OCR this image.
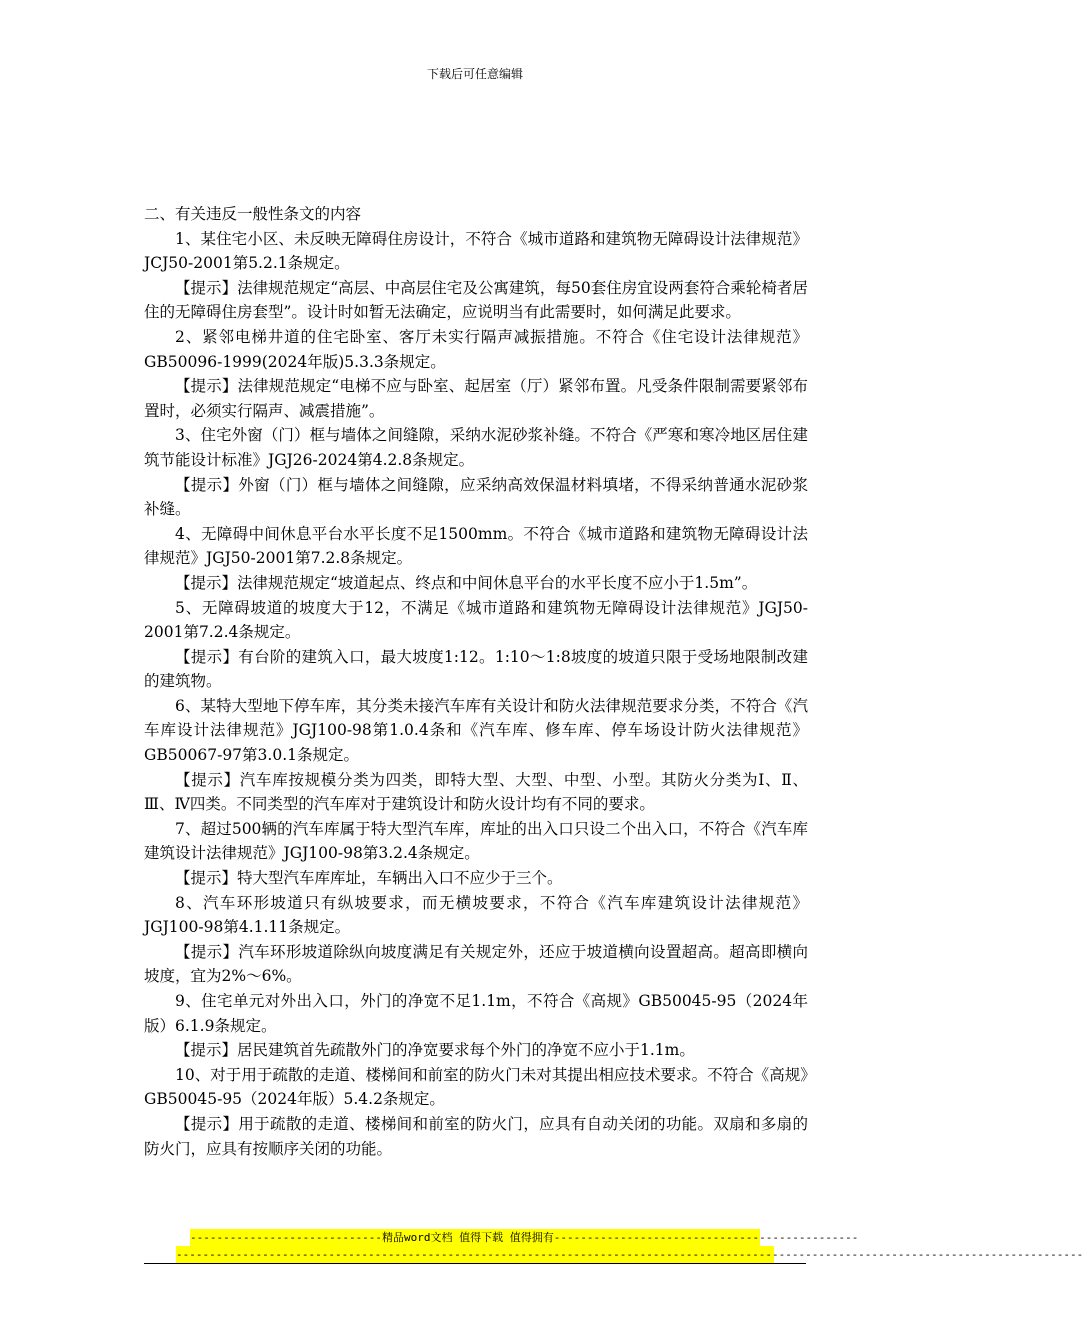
下载后可任意编辑

二、有关违反一般性条文的内容

1、某住宅小区、未反映无障碍住房设计，不符合《城市道路和建筑物无障碍设计法律规范》JCJ50-2001第5.2.1条规定。

【提示】法律规范规定“高层、中高层住宅及公寓建筑，每50套住房宜设两套符合乘轮椅者居住的无障碍住房套型”。设计时如暂无法确定，应说明当有此需要时，如何满足此要求。

2、紧邻电梯井道的住宅卧室、客厅未实行隔声减振措施。不符合《住宅设计法律规范》GB50096-1999(2024年版)5.3.3条规定。

【提示】法律规范规定“电梯不应与卧室、起居室（厅）紧邻布置。凡受条件限制需要紧邻布置时，必须实行隔声、减震措施”。

3、住宅外窗（门）框与墙体之间缝隙，采纳水泥砂浆补缝。不符合《严寒和寒冷地区居住建筑节能设计标准》JGJ26-2024第4.2.8条规定。

【提示】外窗（门）框与墙体之间缝隙，应采纳高效保温材料填堵，不得采纳普通水泥砂浆补缝。

4、无障碍中间休息平台水平长度不足1500mm。不符合《城市道路和建筑物无障碍设计法律规范》JGJ50-2001第7.2.8条规定。

【提示】法律规范规定“坡道起点、终点和中间休息平台的水平长度不应小于1.5m”。

5、无障碍坡道的坡度大于12，不满足《城市道路和建筑物无障碍设计法律规范》JGJ50-2001第7.2.4条规定。

【提示】有台阶的建筑入口，最大坡度1:12。1:10～1:8坡度的坡道只限于受场地限制改建的建筑物。

6、某特大型地下停车库，其分类未接汽车库有关设计和防火法律规范要求分类，不符合《汽车库设计法律规范》JGJ100-98第1.0.4条和《汽车库、修车库、停车场设计防火法律规范》GB50067-97第3.0.1条规定。

【提示】汽车库按规模分类为四类，即特大型、大型、中型、小型。其防火分类为Ⅰ、Ⅱ、Ⅲ、Ⅳ四类。不同类型的汽车库对于建筑设计和防火设计均有不同的要求。

7、超过500辆的汽车库属于特大型汽车库，库址的出入口只设二个出入口，不符合《汽车库建筑设计法律规范》JGJ100-98第3.2.4条规定。

【提示】特大型汽车库库址，车辆出入口不应少于三个。

8、汽车环形坡道只有纵坡要求，而无横坡要求，不符合《汽车库建筑设计法律规范》JGJ100-98第4.1.11条规定。

【提示】汽车环形坡道除纵向坡度满足有关规定外，还应于坡道横向设置超高。超高即横向坡度，宜为2%～6%。

9、住宅单元对外出入口，外门的净宽不足1.1m，不符合《高规》GB50045-95（2024年版）6.1.9条规定。

【提示】居民建筑首先疏散外门的净宽要求每个外门的净宽不应小于1.1m。

10、对于用于疏散的走道、楼梯间和前室的防火门未对其提出相应技术要求。不符合《高规》GB50045-95（2024年版）5.4.2条规定。

【提示】用于疏散的走道、楼梯间和前室的防火门，应具有自动关闭的功能。双扇和多扇的防火门，应具有按顺序关闭的功能。

-----------------------------精品word文档 值得下载 值得拥有----------------------------------------------
-----------------------------------------------------------------------------------------------------------------------------------------
